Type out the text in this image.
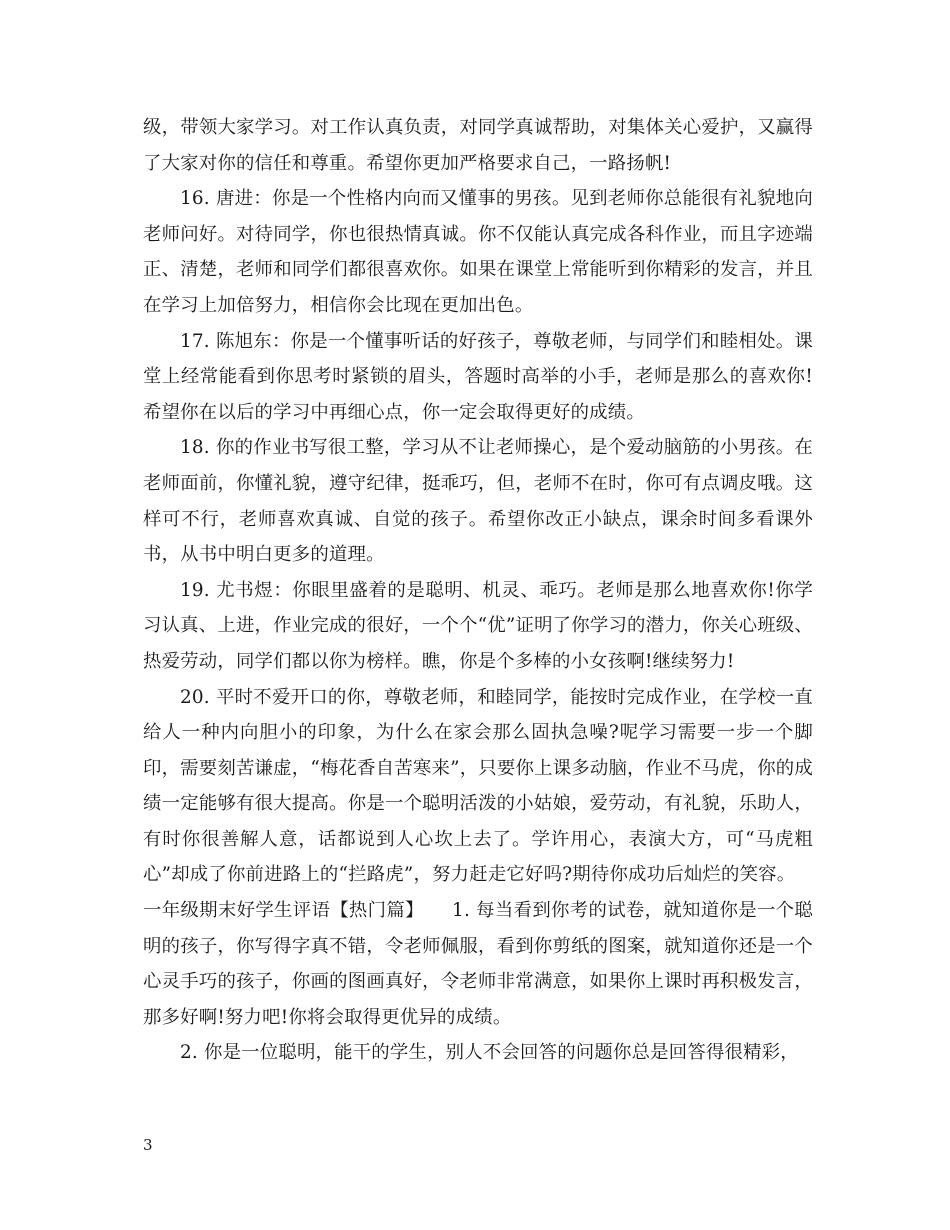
级，带领大家学习。对工作认真负责，对同学真诚帮助，对集体关心爱护，又赢得了大家对你的信任和尊重。希望你更加严格要求自己，一路扬帆!

16. 唐进：你是一个性格内向而又懂事的男孩。见到老师你总能很有礼貌地向老师问好。对待同学，你也很热情真诚。你不仅能认真完成各科作业，而且字迹端正、清楚，老师和同学们都很喜欢你。如果在课堂上常能听到你精彩的发言，并且在学习上加倍努力，相信你会比现在更加出色。

17. 陈旭东：你是一个懂事听话的好孩子，尊敬老师，与同学们和睦相处。课堂上经常能看到你思考时紧锁的眉头，答题时高举的小手，老师是那么的喜欢你!希望你在以后的学习中再细心点，你一定会取得更好的成绩。

18. 你的作业书写很工整，学习从不让老师操心，是个爱动脑筋的小男孩。在老师面前，你懂礼貌，遵守纪律，挺乖巧，但，老师不在时，你可有点调皮哦。这样可不行，老师喜欢真诚、自觉的孩子。希望你改正小缺点，课余时间多看课外书，从书中明白更多的道理。

19. 尤书煜：你眼里盛着的是聪明、机灵、乖巧。老师是那么地喜欢你!你学习认真、上进，作业完成的很好，一个个“优”证明了你学习的潜力，你关心班级、热爱劳动，同学们都以你为榜样。瞧，你是个多棒的小女孩啊!继续努力!

20. 平时不爱开口的你，尊敬老师，和睦同学，能按时完成作业，在学校一直给人一种内向胆小的印象，为什么在家会那么固执急噪?呢学习需要一步一个脚印，需要刻苦谦虚，“梅花香自苦寒来”，只要你上课多动脑，作业不马虎，你的成绩一定能够有很大提高。你是一个聪明活泼的小姑娘，爱劳动，有礼貌，乐助人，有时你很善解人意，话都说到人心坎上去了。学许用心，表演大方，可“马虎粗心”却成了你前进路上的“拦路虎”，努力赶走它好吗?期待你成功后灿烂的笑容。

一年级期末好学生评语【热门篇】　　1. 每当看到你考的试卷，就知道你是一个聪明的孩子，你写得字真不错，令老师佩服，看到你剪纸的图案，就知道你还是一个心灵手巧的孩子，你画的图画真好，令老师非常满意，如果你上课时再积极发言，那多好啊!努力吧!你将会取得更优异的成绩。

2. 你是一位聪明，能干的学生，别人不会回答的问题你总是回答得很精彩，

3
